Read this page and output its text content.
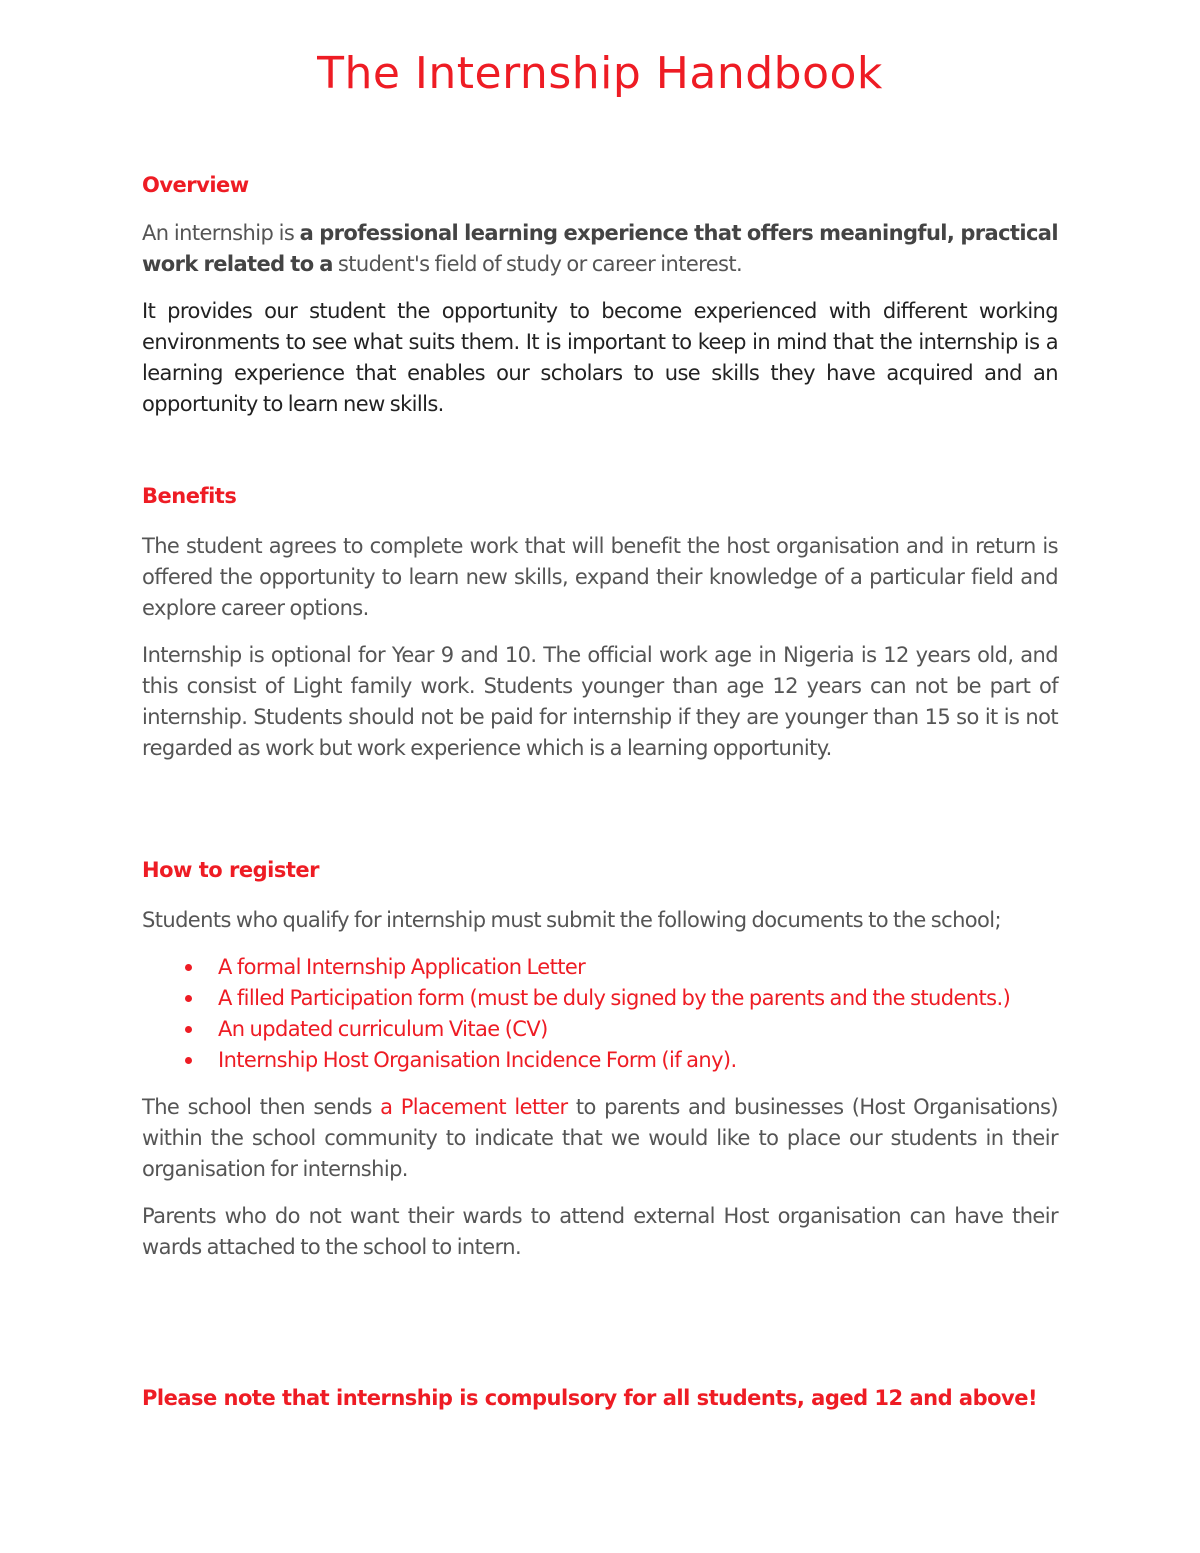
The Internship Handbook
Overview

An internship is a professional learning experience that offers meaningful, practical work related to a student's field of study or career interest.

It provides our student the opportunity to become experienced with different working environments to see what suits them. It is important to keep in mind that the internship is a learning experience that enables our scholars to use skills they have acquired and an opportunity to learn new skills.

Benefits

The student agrees to complete work that will benefit the host organisation and in return is offered the opportunity to learn new skills, expand their knowledge of a particular field and explore career options.

Internship is optional for Year 9 and 10. The official work age in Nigeria is 12 years old, and this consist of Light family work. Students younger than age 12 years can not be part of internship. Students should not be paid for internship if they are younger than 15 so it is not regarded as work but work experience which is a learning opportunity.

How to register

Students who qualify for internship must submit the following documents to the school;

A formal Internship Application Letter
A filled Participation form (must be duly signed by the parents and the students.)
An updated curriculum Vitae (CV)
Internship Host Organisation Incidence Form (if any).

The school then sends a Placement letter to parents and businesses (Host Organisations) within the school community to indicate that we would like to place our students in their organisation for internship.

Parents who do not want their wards to attend external Host organisation can have their wards attached to the school to intern.

Please note that internship is compulsory for all students, aged 12 and above!
